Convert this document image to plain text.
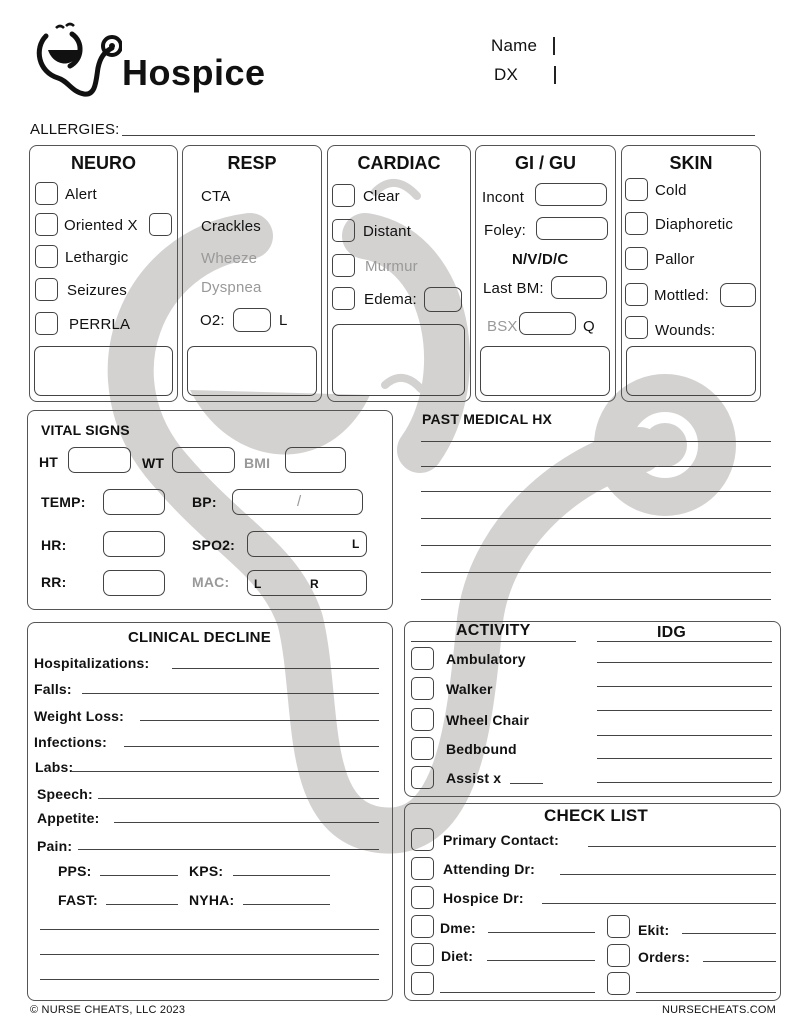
Hospice
Name
DX
ALLERGIES:
NEURO
Alert
Oriented X
Lethargic
Seizures
PERRLA
RESP
CTA
Crackles
Wheeze
Dyspnea
O2:	L
CARDIAC
Clear
Distant
Murmur
Edema:
GI / GU
Incont
Foley:
N/V/D/C
Last BM:
BSX	Q
SKIN
Cold
Diaphoretic
Pallor
Mottled:
Wounds:
VITAL SIGNS
HT	WT	BMI
TEMP:	BP:	/
HR:	SPO2:	L
RR:	MAC: L	R
PAST MEDICAL HX
CLINICAL DECLINE
Hospitalizations:
Falls:
Weight Loss:
Infections:
Labs:
Speech:
Appetite:
Pain:
PPS:	KPS:
FAST:	NYHA:
ACTIVITY	IDG
Ambulatory
Walker
Wheel Chair
Bedbound
Assist x
CHECK LIST
Primary Contact:
Attending Dr:
Hospice Dr:
Dme:	Ekit:
Diet:	Orders:
© NURSE CHEATS, LLC 2023	NURSECHEATS.COM
